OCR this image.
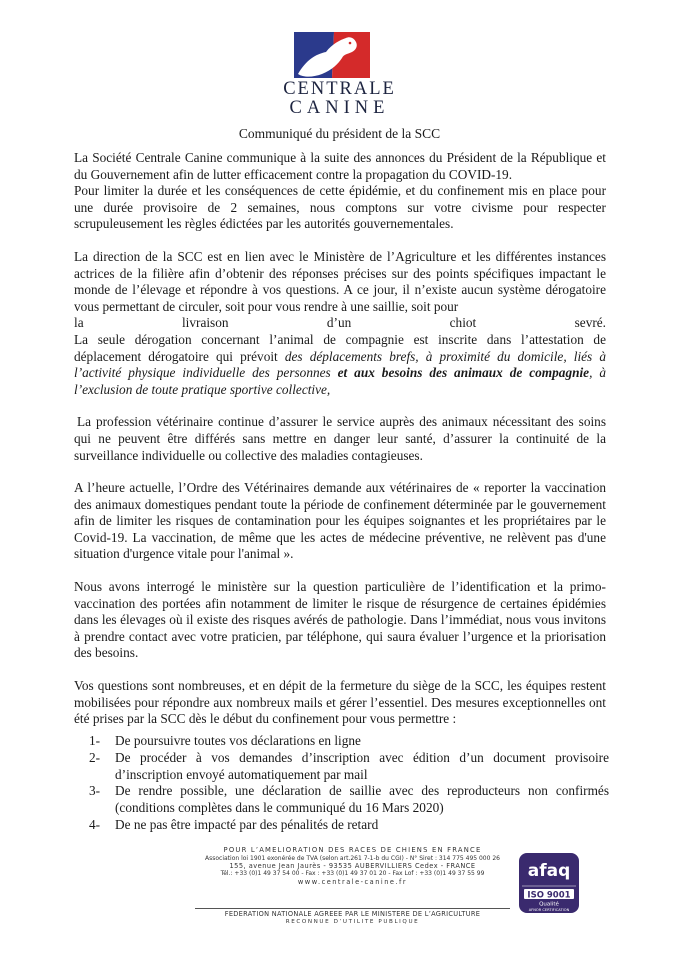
CENTRALE
CANINE
Communiqué du président de la SCC

La Société Centrale Canine communique à la suite des annonces du Président de la République et du Gouvernement afin de lutter efficacement contre la propagation du COVID-19.

Pour limiter la durée et les conséquences de cette épidémie, et du confinement mis en place pour une durée provisoire de 2 semaines, nous comptons sur votre civisme pour respecter scrupuleusement les règles édictées par les autorités gouvernementales.

La direction de la SCC est en lien avec le Ministère de l’Agriculture et les différentes instances actrices de la filière afin d’obtenir des réponses précises sur des points spécifiques impactant le monde de l’élevage et répondre à vos questions. A ce jour, il n’existe aucun système dérogatoire vous permettant de circuler, soit pour vous rendre à une saillie, soit pour

la livraison d’un chiot sevré.

La seule dérogation concernant l’animal de compagnie est inscrite dans l’attestation de déplacement dérogatoire qui prévoit des déplacements brefs, à proximité du domicile, liés à l’activité physique individuelle des personnes et aux besoins des animaux de compagnie, à l’exclusion de toute pratique sportive collective,

La profession vétérinaire continue d’assurer le service auprès des animaux nécessitant des soins qui ne peuvent être différés sans mettre en danger leur santé, d’assurer la continuité de la surveillance individuelle ou collective des maladies contagieuses.

A l’heure actuelle, l’Ordre des Vétérinaires demande aux vétérinaires de « reporter la vaccination des animaux domestiques pendant toute la période de confinement déterminée par le gouvernement afin de limiter les risques de contamination pour les équipes soignantes et les propriétaires par le Covid-19. La vaccination, de même que les actes de médecine préventive, ne relèvent pas d'une situation d'urgence vitale pour l'animal ».

Nous avons interrogé le ministère sur la question particulière de l’identification et la primo-vaccination des portées afin notamment de limiter le risque de résurgence de certaines épidémies dans les élevages où il existe des risques avérés de pathologie. Dans l’immédiat, nous vous invitons à prendre contact avec votre praticien, par téléphone, qui saura évaluer l’urgence et la priorisation des besoins.

Vos questions sont nombreuses, et en dépit de la fermeture du siège de la SCC, les équipes restent mobilisées pour répondre aux nombreux mails et gérer l’essentiel. Des mesures exceptionnelles ont été prises par la SCC dès le début du confinement pour vous permettre :

1-	De poursuivre toutes vos déclarations en ligne
2-	De procéder à vos demandes d’inscription avec édition d’un document provisoire d’inscription envoyé automatiquement par mail
3-	De rendre possible, une déclaration de saillie avec des reproducteurs non confirmés (conditions complètes dans le communiqué du 16 Mars 2020)
4-	De ne pas être impacté par des pénalités de retard
POUR L’AMELIORATION DES RACES DE CHIENS EN FRANCE
Association loi 1901 exonérée de TVA (selon art.261 7-1-b du CGI) - N° Siret : 314 775 495 000 26
155, avenue Jean Jaurès - 93535 AUBERVILLIERS Cedex - FRANCE
Tél.: +33 (0)1 49 37 54 00 - Fax : +33 (0)1 49 37 01 20 - Fax Lof : +33 (0)1 49 37 55 99
www.centrale-canine.fr
FEDERATION NATIONALE AGREEE PAR LE MINISTERE DE L’AGRICULTURE
RECONNUE D’UTILITE PUBLIQUE
afaq
ISO 9001
Qualité
AFNOR CERTIFICATION
